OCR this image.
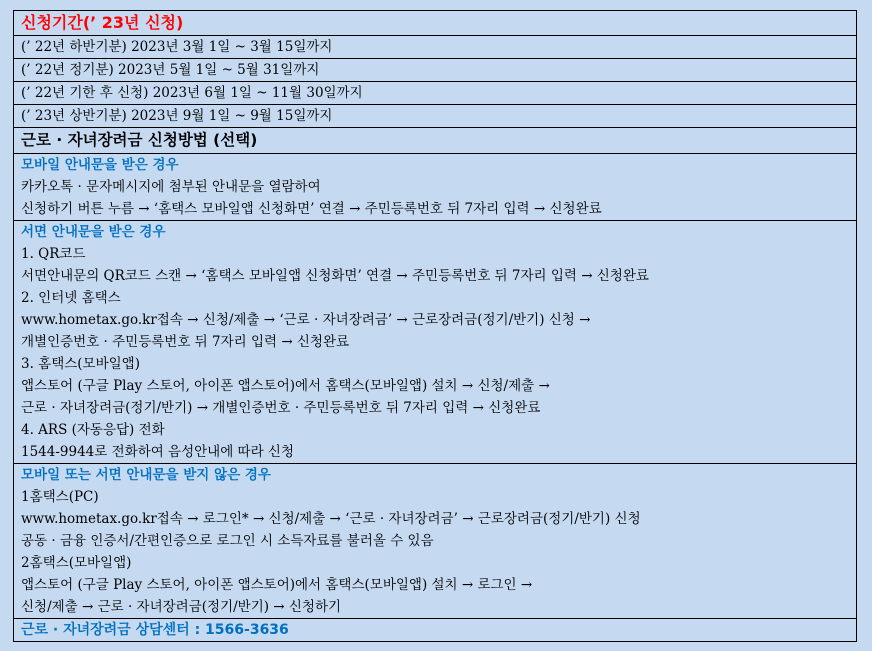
신청기간(’ 23년 신청)
(’ 22년 하반기분) 2023년 3월 1일 ~ 3월 15일까지
(’ 22년 정기분) 2023년 5월 1일 ~ 5월 31일까지
(’ 22년 기한 후 신청) 2023년 6월 1일 ~ 11월 30일까지
(’ 23년 상반기분) 2023년 9월 1일 ~ 9월 15일까지
근로 · 자녀장려금 신청방법 (선택)
모바일 안내문을 받은 경우
카카오톡 · 문자메시지에 첨부된 안내문을 열람하여
신청하기 버튼 누름 → ‘홈택스 모바일앱 신청화면’ 연결 → 주민등록번호 뒤 7자리 입력 → 신청완료
서면 안내문을 받은 경우
1. QR코드
서면안내문의 QR코드 스캔 → ‘홈택스 모바일앱 신청화면’ 연결 → 주민등록번호 뒤 7자리 입력 → 신청완료
2. 인터넷 홈택스
www.hometax.go.kr접속 → 신청/제출 → ‘근로 · 자녀장려금’ → 근로장려금(정기/반기) 신청 →
개별인증번호 · 주민등록번호 뒤 7자리 입력 → 신청완료
3. 홈택스(모바일앱)
앱스토어 (구글 Play 스토어, 아이폰 앱스토어)에서 홈택스(모바일앱) 설치 → 신청/제출 →
근로 · 자녀장려금(정기/반기) → 개별인증번호 · 주민등록번호 뒤 7자리 입력 → 신청완료
4. ARS (자동응답) 전화
1544-9944로 전화하여 음성안내에 따라 신청
모바일 또는 서면 안내문을 받지 않은 경우
1홈택스(PC)
www.hometax.go.kr접속 → 로그인* → 신청/제출 → ‘근로 · 자녀장려금’ → 근로장려금(정기/반기) 신청
공동 · 금융 인증서/간편인증으로 로그인 시 소득자료를 불러올 수 있음
2홈택스(모바일앱)
앱스토어 (구글 Play 스토어, 아이폰 앱스토어)에서 홈택스(모바일앱) 설치 → 로그인 →
신청/제출 → 근로 · 자녀장려금(정기/반기) → 신청하기
근로 · 자녀장려금 상담센터 : 1566-3636
